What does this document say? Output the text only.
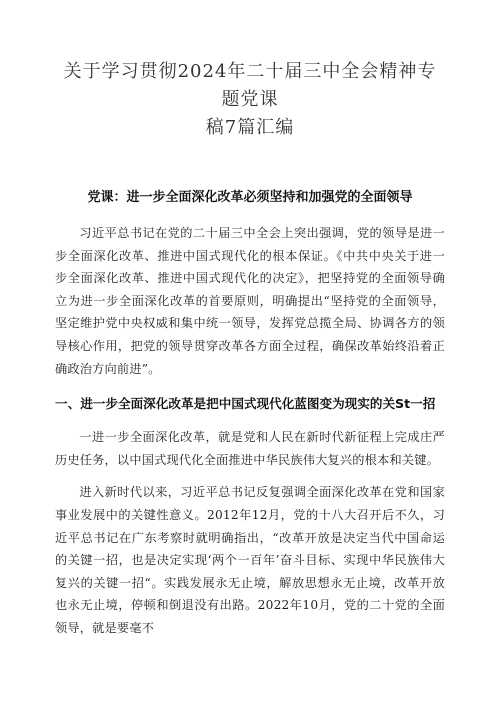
关于学习贯彻2024年二十届三中全会精神专题党课
稿7篇汇编
党课：进一步全面深化改革必须坚持和加强党的全面领导

习近平总书记在党的二十届三中全会上突出强调，党的领导是进一步全面深化改革、推进中国式现代化的根本保证。《中共中央关于进一步全面深化改革、推进中国式现代化的决定》，把坚持党的全面领导确立为进一步全面深化改革的首要原则，明确提出“坚持党的全面领导，坚定维护党中央权威和集中统一领导，发挥党总揽全局、协调各方的领导核心作用，把党的领导贯穿改革各方面全过程，确保改革始终沿着正确政治方向前进”。

一、进一步全面深化改革是把中国式现代化蓝图变为现实的关St一招

一进一步全面深化改革，就是党和人民在新时代新征程上完成庄严历史任务，以中国式现代化全面推进中华民族伟大复兴的根本和关键。

进入新时代以来，习近平总书记反复强调全面深化改革在党和国家事业发展中的关键性意义。2012年12月，党的十八大召开后不久，习近平总书记在广东考察时就明确指出，“改革开放是决定当代中国命运的关键一招，也是决定实现‘两个一百年’奋斗目标、实现中华民族伟大复兴的关键一招“。实践发展永无止境，解放思想永无止境，改革开放也永无止境，停顿和倒退没有出路。2022年10月，党的二十党的全面领导，就是要毫不
